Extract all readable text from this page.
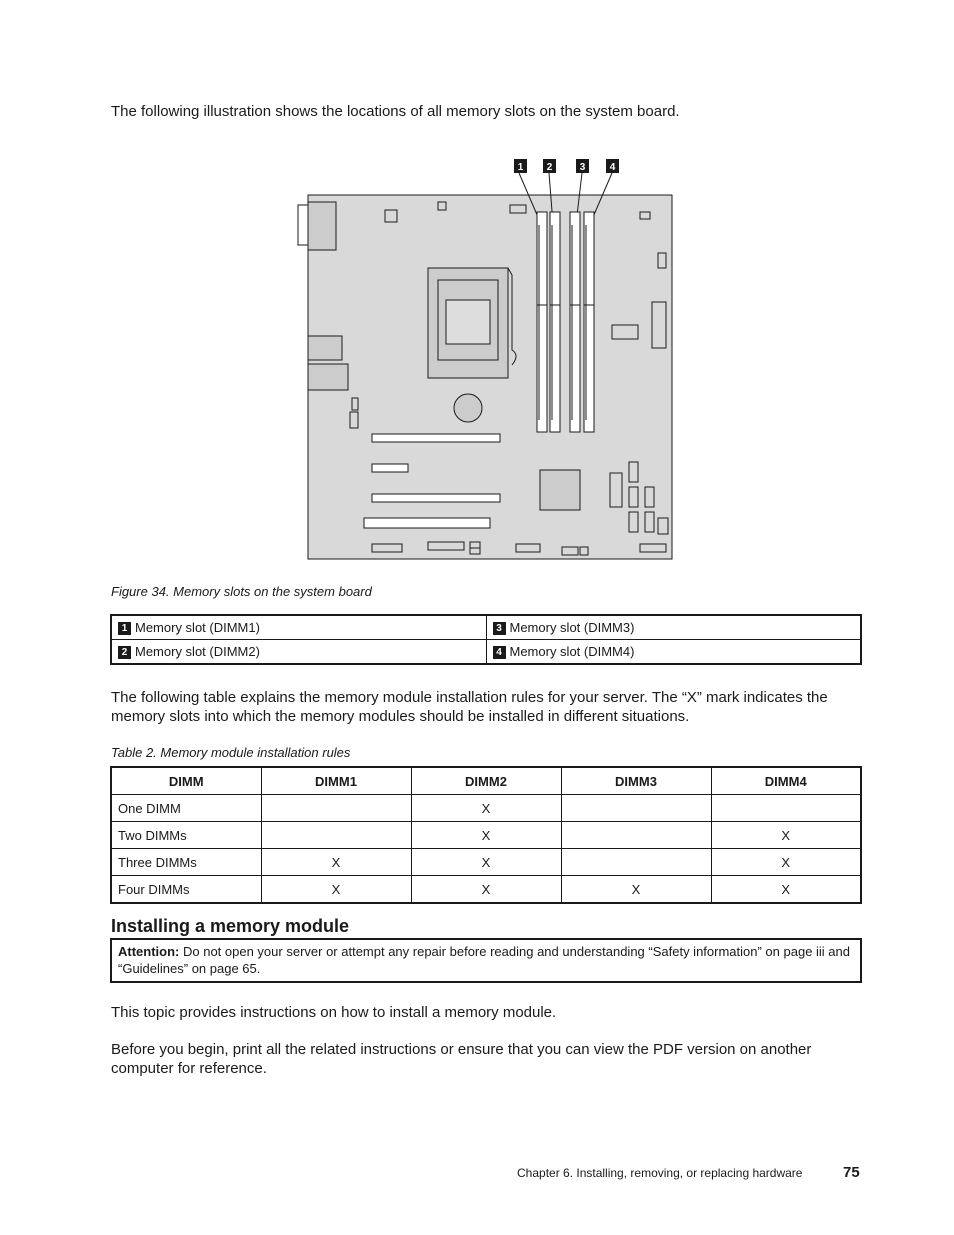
The following illustration shows the locations of all memory slots on the system board.
1 2	3 4
Figure 34. Memory slots on the system board
1 Memory slot (DIMM1)	3 Memory slot (DIMM3)
2 Memory slot (DIMM2)	4 Memory slot (DIMM4)
The following table explains the memory module installation rules for your server. The “X” mark indicates the memory slots into which the memory modules should be installed in different situations.
Table 2. Memory module installation rules
DIMM	DIMM1	DIMM2	DIMM3	DIMM4
One DIMM		X		
Two DIMMs		X		X
Three DIMMs	X	X		X
Four DIMMs	X	X	X	X
Installing a memory module
Attention: Do not open your server or attempt any repair before reading and understanding “Safety information” on page iii and “Guidelines” on page 65.
This topic provides instructions on how to install a memory module.
Before you begin, print all the related instructions or ensure that you can view the PDF version on another computer for reference.
Chapter 6. Installing, removing, or replacing hardware	75
